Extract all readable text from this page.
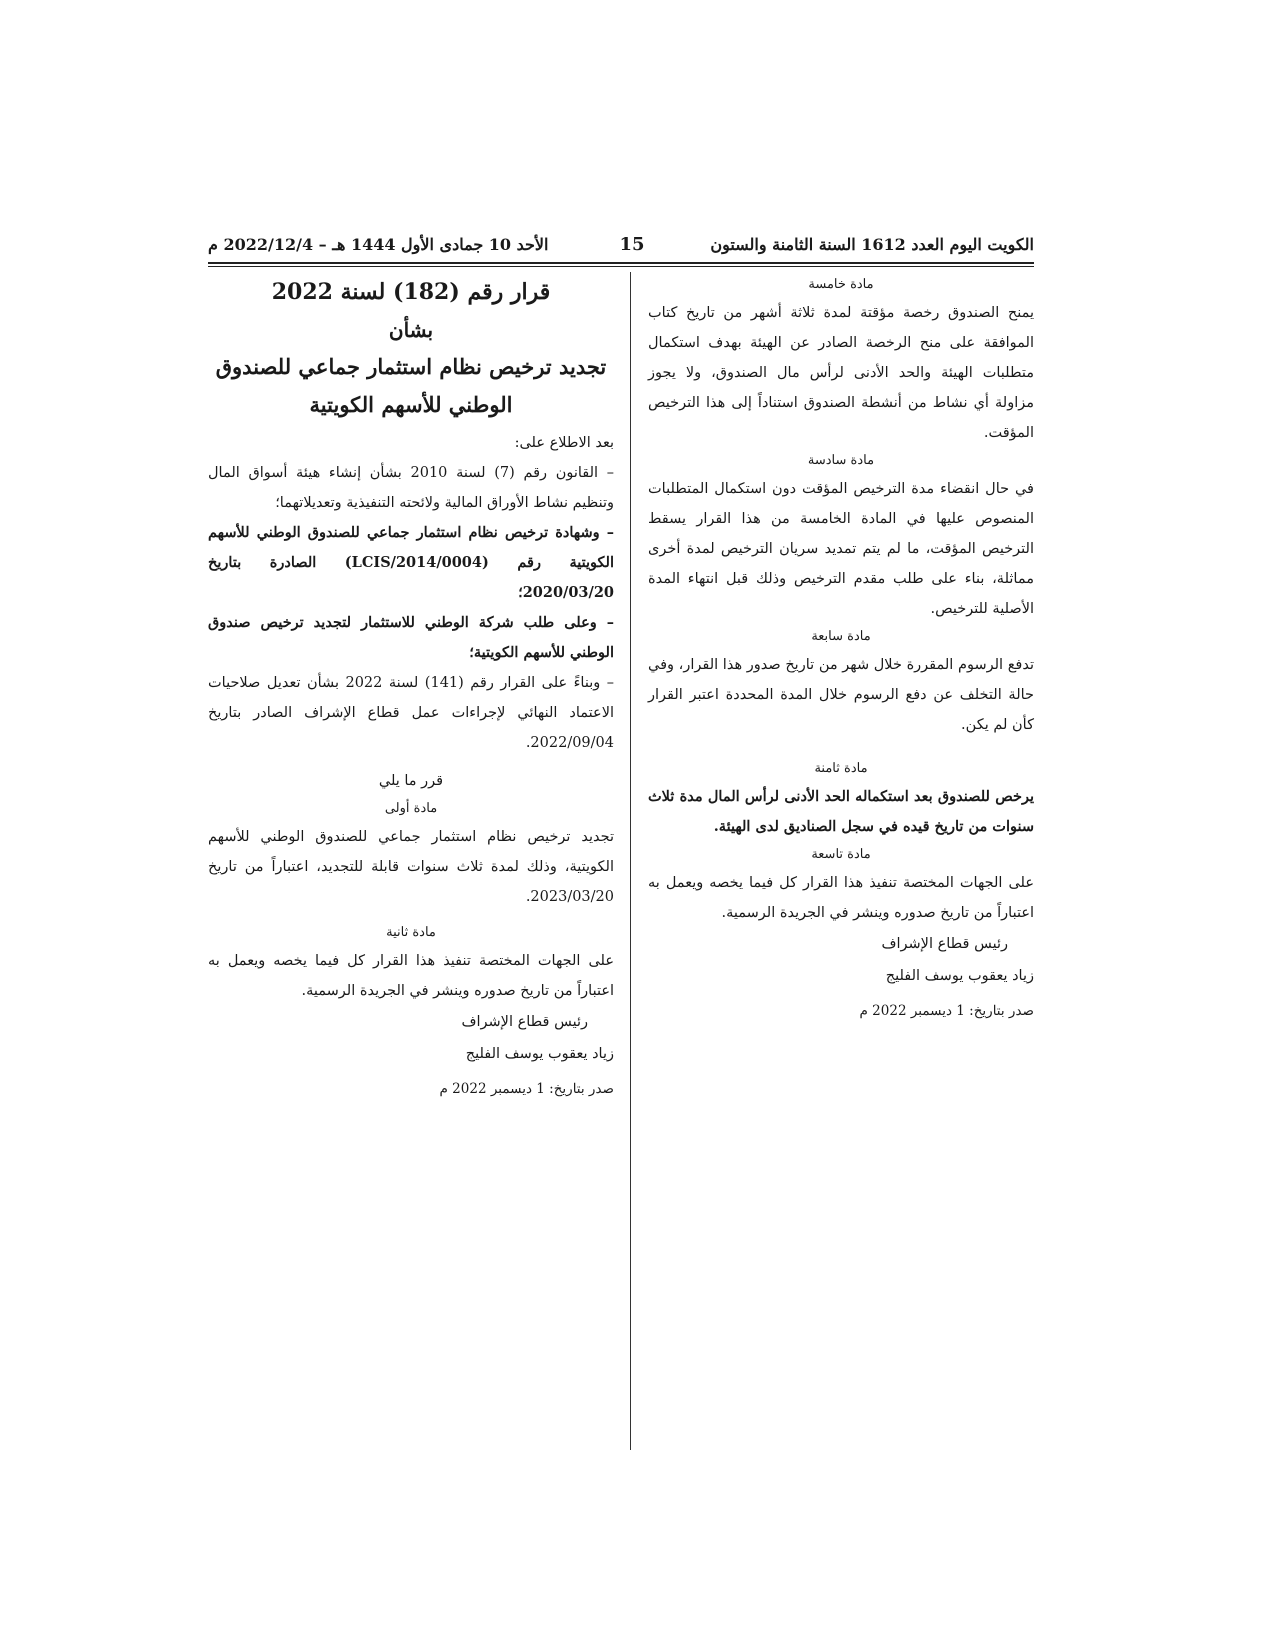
الكويت اليوم العدد 1612 السنة الثامنة والستون
15
الأحد 10 جمادى الأول 1444 هـ – 2022/12/4 م

مادة خامسة

يمنح الصندوق رخصة مؤقتة لمدة ثلاثة أشهر من تاريخ كتاب الموافقة على منح الرخصة الصادر عن الهيئة بهدف استكمال متطلبات الهيئة والحد الأدنى لرأس مال الصندوق، ولا يجوز مزاولة أي نشاط من أنشطة الصندوق استناداً إلى هذا الترخيص المؤقت.

مادة سادسة

في حال انقضاء مدة الترخيص المؤقت دون استكمال المتطلبات المنصوص عليها في المادة الخامسة من هذا القرار يسقط الترخيص المؤقت، ما لم يتم تمديد سريان الترخيص لمدة أخرى مماثلة، بناء على طلب مقدم الترخيص وذلك قبل انتهاء المدة الأصلية للترخيص.

مادة سابعة

تدفع الرسوم المقررة خلال شهر من تاريخ صدور هذا القرار، وفي حالة التخلف عن دفع الرسوم خلال المدة المحددة اعتبر القرار كأن لم يكن.

مادة ثامنة

يرخص للصندوق بعد استكماله الحد الأدنى لرأس المال مدة ثلاث سنوات من تاريخ قيده في سجل الصناديق لدى الهيئة.

مادة تاسعة

على الجهات المختصة تنفيذ هذا القرار كل فيما يخصه ويعمل به اعتباراً من تاريخ صدوره وينشر في الجريدة الرسمية.

رئيس قطاع الإشراف

زياد يعقوب يوسف الفليج

صدر بتاريخ: 1 ديسمبر 2022 م

قرار رقم (182) لسنة 2022

بشأن

تجديد ترخيص نظام استثمار جماعي للصندوق الوطني للأسهم الكويتية

بعد الاطلاع على:

– القانون رقم (7) لسنة 2010 بشأن إنشاء هيئة أسواق المال وتنظيم نشاط الأوراق المالية ولائحته التنفيذية وتعديلاتهما؛

– وشهادة ترخيص نظام استثمار جماعي للصندوق الوطني للأسهم الكويتية رقم (LCIS/2014/0004) الصادرة بتاريخ 2020/03/20؛

– وعلى طلب شركة الوطني للاستثمار لتجديد ترخيص صندوق الوطني للأسهم الكويتية؛

– وبناءً على القرار رقم (141) لسنة 2022 بشأن تعديل صلاحيات الاعتماد النهائي لإجراءات عمل قطاع الإشراف الصادر بتاريخ 2022/09/04.

قرر ما يلي

مادة أولى

تجديد ترخيص نظام استثمار جماعي للصندوق الوطني للأسهم الكويتية، وذلك لمدة ثلاث سنوات قابلة للتجديد، اعتباراً من تاريخ 2023/03/20.

مادة ثانية

على الجهات المختصة تنفيذ هذا القرار كل فيما يخصه ويعمل به اعتباراً من تاريخ صدوره وينشر في الجريدة الرسمية.

رئيس قطاع الإشراف

زياد يعقوب يوسف الفليج

صدر بتاريخ: 1 ديسمبر 2022 م
